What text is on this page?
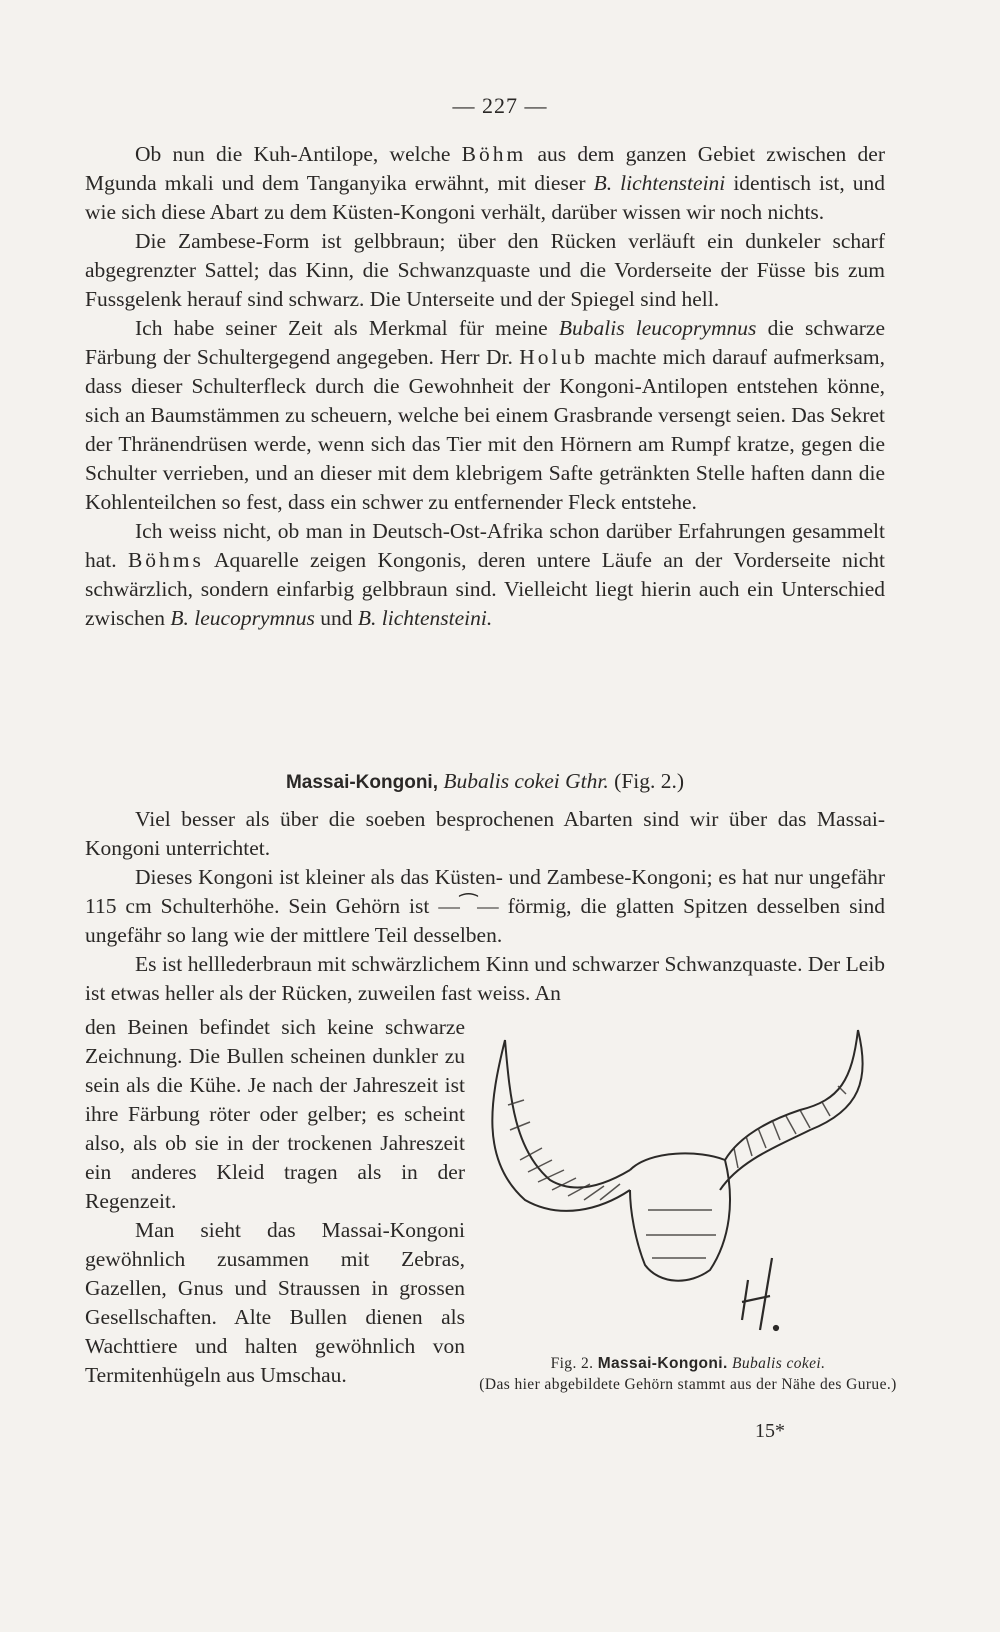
— 227 —

Ob nun die Kuh-Antilope, welche Böhm aus dem ganzen Gebiet zwischen der Mgunda mkali und dem Tanganyika erwähnt, mit dieser B. lichtensteini identisch ist, und wie sich diese Abart zu dem Küsten-Kongoni verhält, darüber wissen wir noch nichts.

Die Zambese-Form ist gelbbraun; über den Rücken verläuft ein dunkeler scharf abgegrenzter Sattel; das Kinn, die Schwanzquaste und die Vorderseite der Füsse bis zum Fussgelenk herauf sind schwarz. Die Unterseite und der Spiegel sind hell.

Ich habe seiner Zeit als Merkmal für meine Bubalis leucoprymnus die schwarze Färbung der Schultergegend angegeben. Herr Dr. Holub machte mich darauf aufmerksam, dass dieser Schulterfleck durch die Gewohnheit der Kongoni-Antilopen entstehen könne, sich an Baumstämmen zu scheuern, welche bei einem Grasbrande versengt seien. Das Sekret der Thränendrüsen werde, wenn sich das Tier mit den Hörnern am Rumpf kratze, gegen die Schulter verrieben, und an dieser mit dem klebrigem Safte getränkten Stelle haften dann die Kohlenteilchen so fest, dass ein schwer zu entfernender Fleck entstehe.

Ich weiss nicht, ob man in Deutsch-Ost-Afrika schon darüber Erfahrungen gesammelt hat. Böhms Aquarelle zeigen Kongonis, deren untere Läufe an der Vorderseite nicht schwärzlich, sondern einfarbig gelbbraun sind. Vielleicht liegt hierin auch ein Unterschied zwischen B. leucoprymnus und B. lichtensteini.

Massai-Kongoni, Bubalis cokei Gthr. (Fig. 2.)

Viel besser als über die soeben besprochenen Abarten sind wir über das Massai-Kongoni unterrichtet.

Dieses Kongoni ist kleiner als das Küsten- und Zambese-Kongoni; es hat nur ungefähr 115 cm Schulterhöhe. Sein Gehörn ist —⁀— förmig, die glatten Spitzen desselben sind ungefähr so lang wie der mittlere Teil desselben.

Es ist helllederbraun mit schwärzlichem Kinn und schwarzer Schwanzquaste. Der Leib ist etwas heller als der Rücken, zuweilen fast weiss. An

den Beinen befindet sich keine schwarze Zeichnung. Die Bullen scheinen dunkler zu sein als die Kühe. Je nach der Jahreszeit ist ihre Färbung röter oder gelber; es scheint also, als ob sie in der trockenen Jahreszeit ein anderes Kleid tragen als in der Regenzeit.

Man sieht das Massai-Kongoni gewöhnlich zusammen mit Zebras, Gazellen, Gnus und Straussen in grossen Gesellschaften. Alte Bullen dienen als Wachttiere und halten gewöhnlich von Termitenhügeln aus Umschau.	Fig. 2. Massai-Kongoni. Bubalis cokei.
(Das hier abgebildete Gehörn stammt aus der Nähe des Gurue.)
15*
